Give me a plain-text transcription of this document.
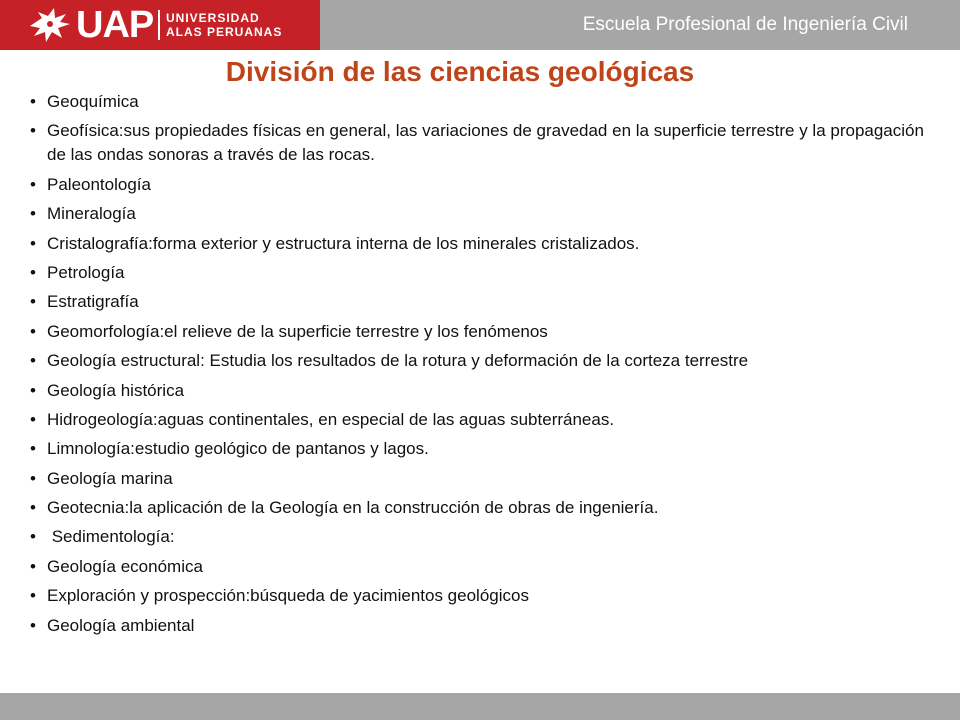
UAP UNIVERSIDAD
ALAS PERUANAS	Escuela Profesional de Ingeniería Civil
División de las ciencias geológicas
• Geoquímica
• Geofísica:sus propiedades físicas en general, las variaciones de gravedad en la superficie terrestre y la propagación de las ondas sonoras a través de las rocas.
• Paleontología
• Mineralogía
• Cristalografía:forma exterior y estructura interna de los minerales cristalizados.
• Petrología
• Estratigrafía
• Geomorfología:el relieve de la superficie terrestre y los fenómenos
• Geología estructural: Estudia los resultados de la rotura y deformación de la corteza terrestre
• Geología histórica
• Hidrogeología:aguas continentales, en especial de las aguas subterráneas.
• Limnología:estudio geológico de pantanos y lagos.
• Geología marina
• Geotecnia:la aplicación de la Geología en la construcción de obras de ingeniería.
• Sedimentología:
• Geología económica
• Exploración y prospección:búsqueda de yacimientos geológicos
• Geología ambiental
